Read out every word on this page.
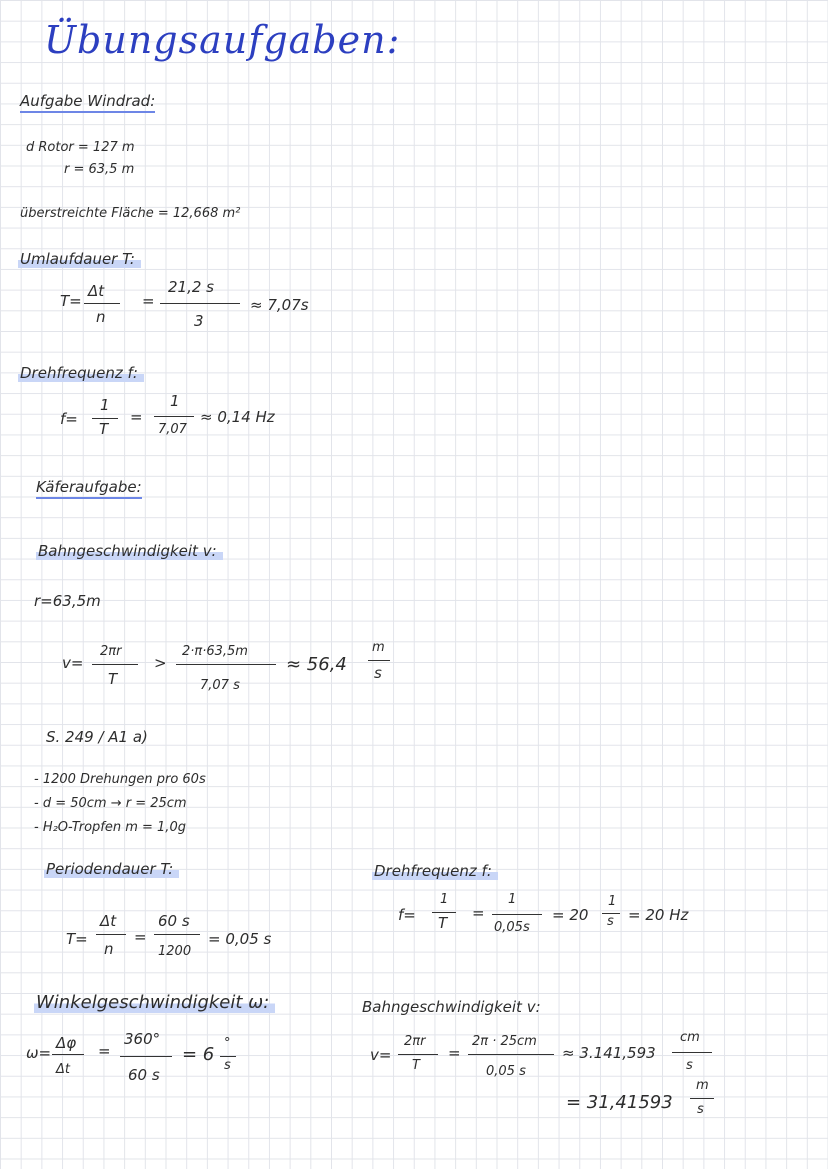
Übungsaufgaben:
Aufgabe Windrad:
d Rotor = 127 m
r = 63,5 m
überstreichte Fläche = 12,668 m²
Umlaufdauer T:
T=
Δt
n
=
21,2 s
3
≈ 7,07s
Drehfrequenz f:
f=
1
T
=
1
7,07
≈ 0,14 Hz
Käferaufgabe:
Bahngeschwindigkeit v:
r=63,5m
v=
2πr
T
>
2·π·63,5m
7,07 s
≈ 56,4
m
s
S. 249 / A1 a)
- 1200 Drehungen pro 60s
- d = 50cm → r = 25cm
- H₂O-Tropfen m = 1,0g
Periodendauer T:
T=
Δt
n
=
60 s
1200
= 0,05 s
Drehfrequenz f:
f=
1
T
=
1
0,05s
= 20
1
s = 20 Hz
Winkelgeschwindigkeit ω:
ω=
Δφ
Δt
=
360°
60 s
= 6
°
s
Bahngeschwindigkeit v:
v=
2πr
T
=
2π · 25cm
0,05 s
≈ 3.141,593
cm
s
= 31,41593
m
s
